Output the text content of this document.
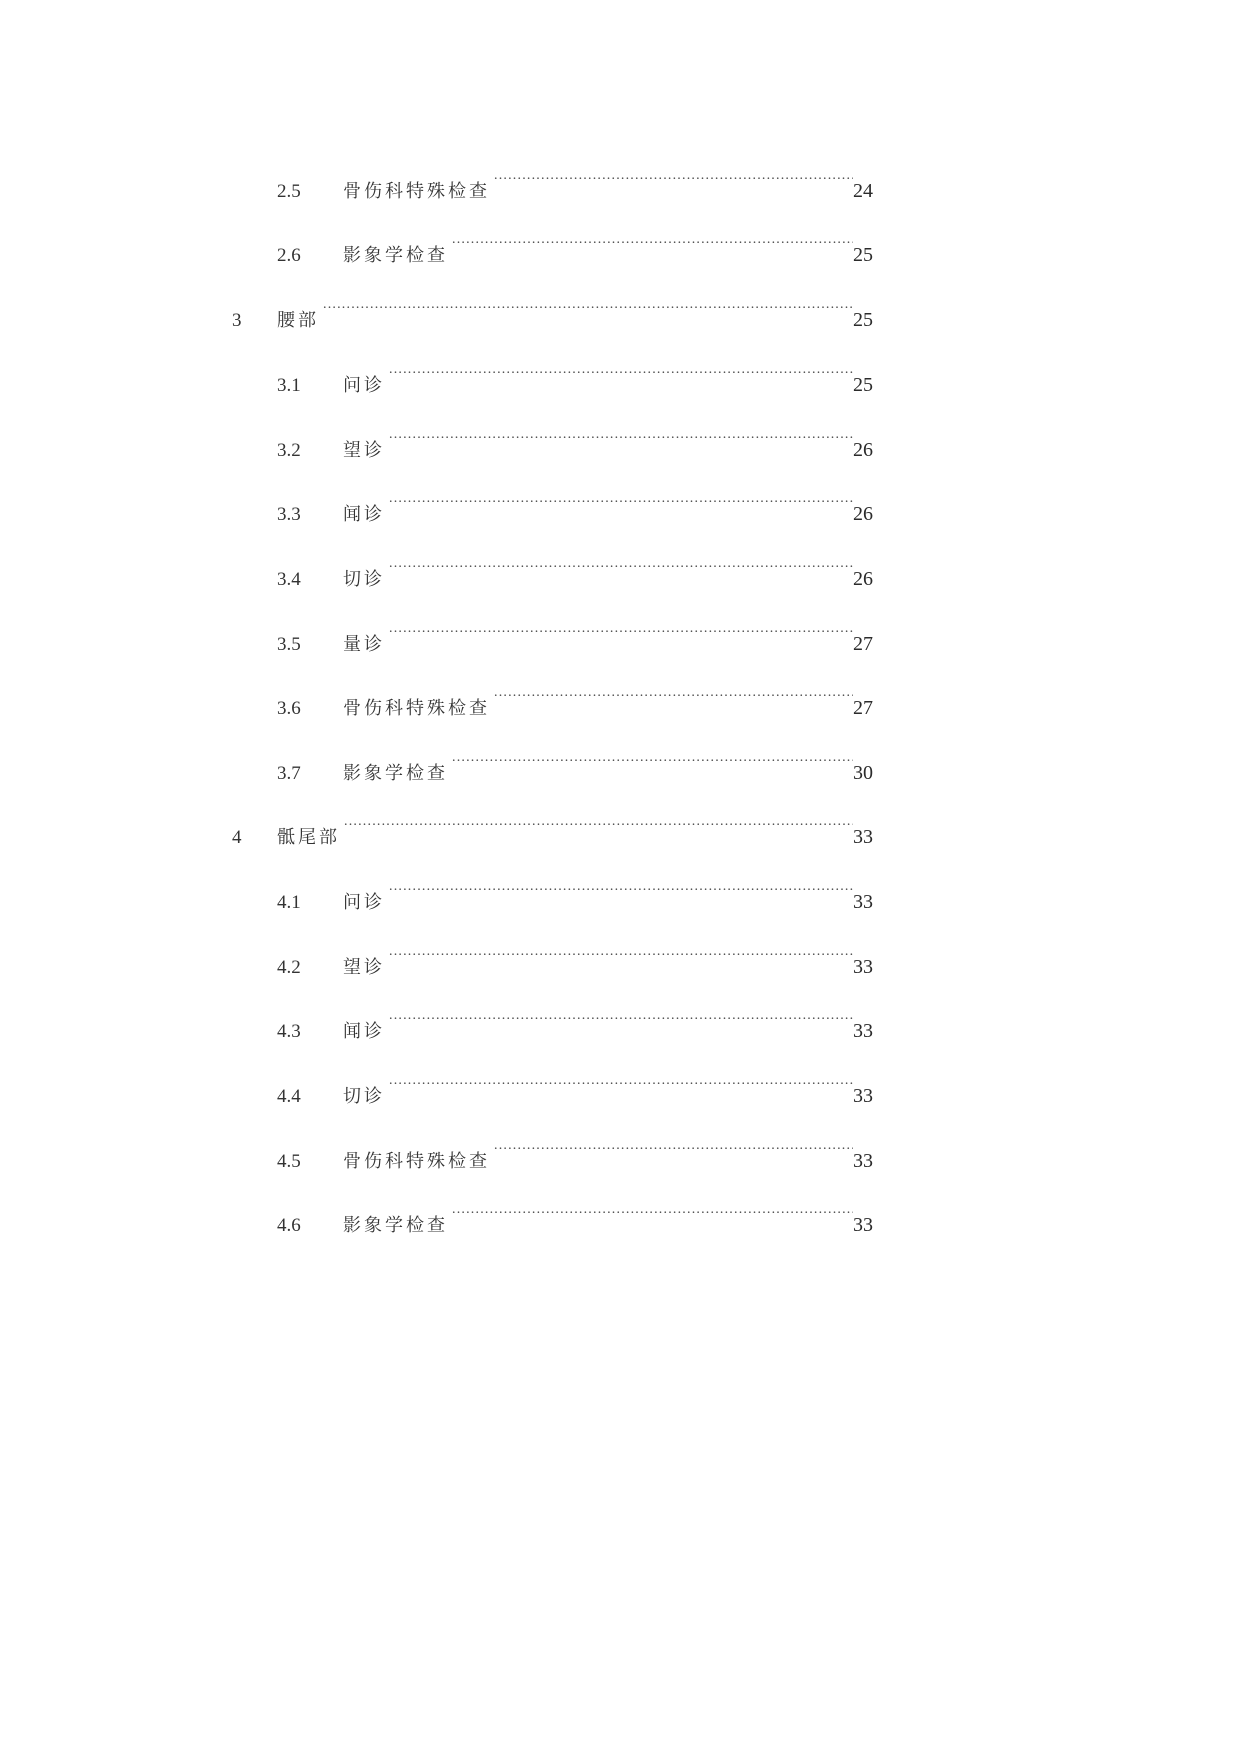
2.5	骨伤科特殊检查 .....	24
2.6	影象学检查 .....	25
3	腰部 .....	25
3.1	问诊 .....	25
3.2	望诊 .....	26
3.3	闻诊 .....	26
3.4	切诊 .....	26
3.5	量诊 .....	27
3.6	骨伤科特殊检查 .....	27
3.7	影象学检查 .....	30
4	骶尾部 .....	33
4.1	问诊 .....	33
4.2	望诊 .....	33
4.3	闻诊 .....	33
4.4	切诊 .....	33
4.5	骨伤科特殊检查 .....	33
4.6	影象学检查 .....	33
